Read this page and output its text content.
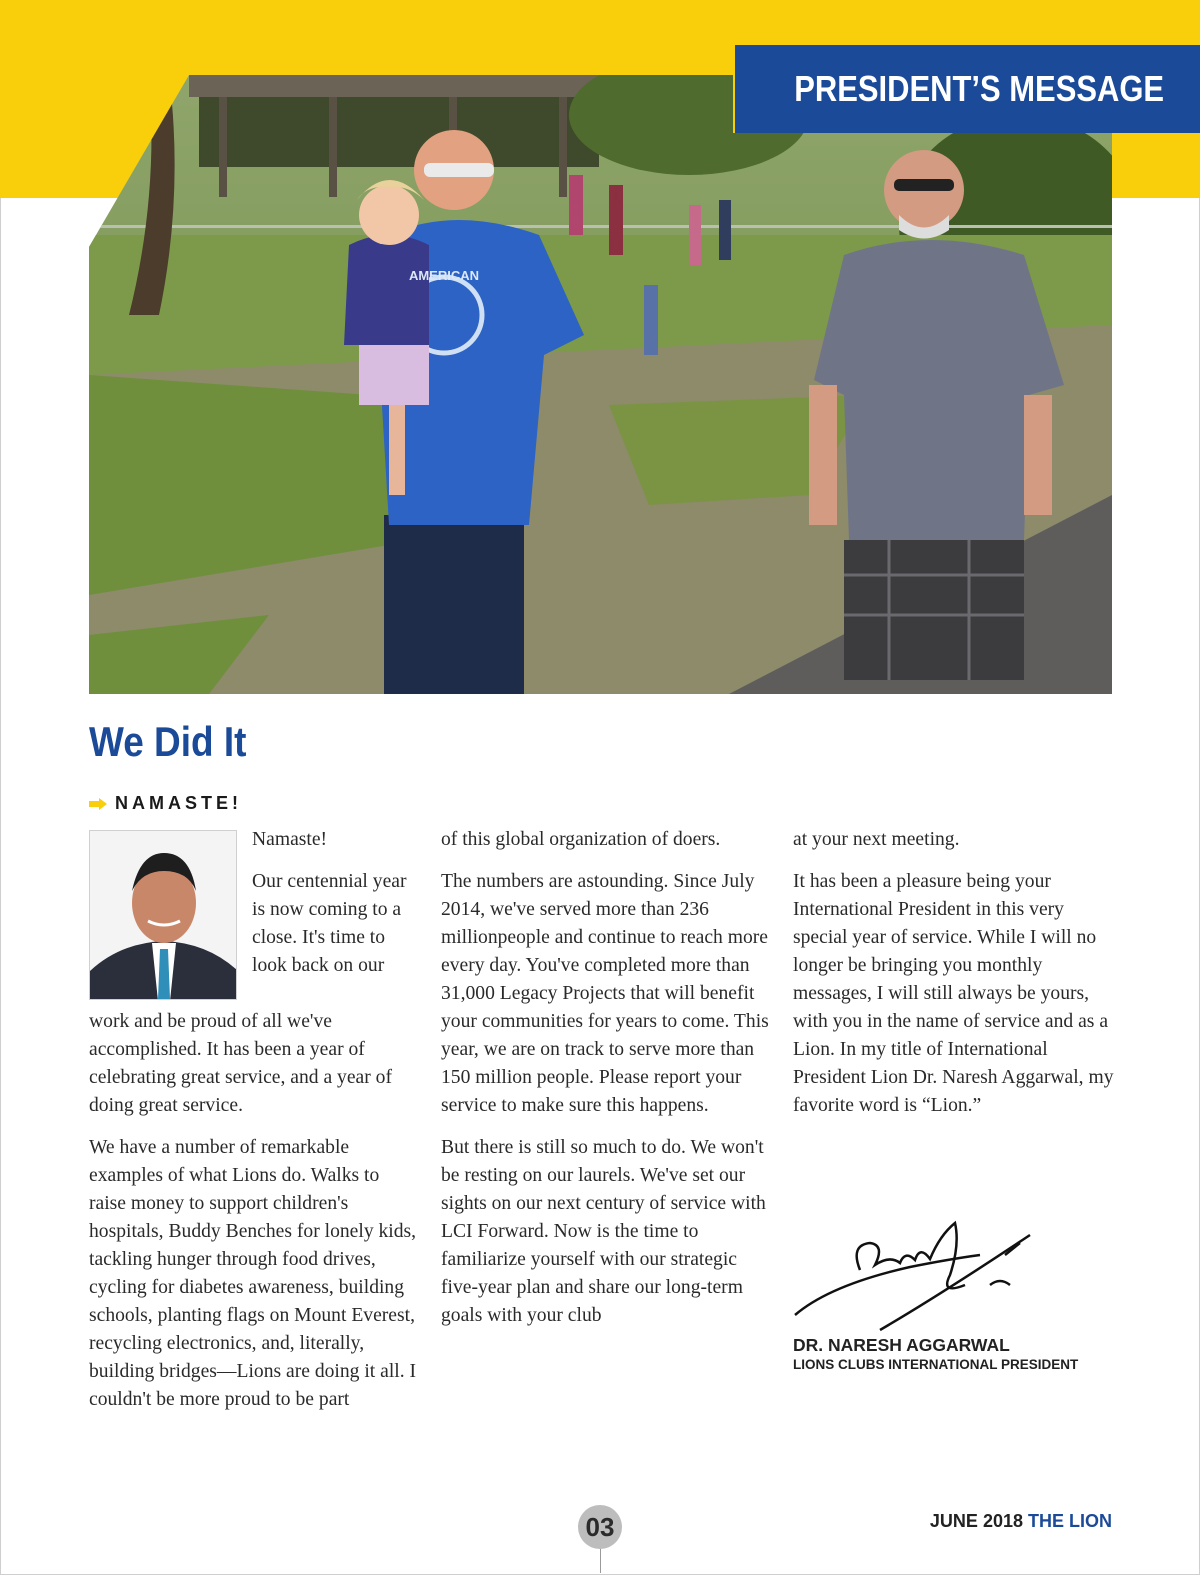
PRESIDENT’S MESSAGE
AMERICAN
We Did It
NAMASTE!

Namaste!

Our centennial year is now coming to a close. It's time to look back on our

work and be proud of all we've accomplished. It has been a year of celebrating great service, and a year of doing great service.

We have a number of remarkable examples of what Lions do. Walks to raise money to support children's hospitals, Buddy Benches for lonely kids, tackling hunger through food drives, cycling for diabetes awareness, building schools, planting flags on Mount Everest, recycling electronics, and, literally, building bridges—Lions are doing it all. I couldn't be more proud to be part

of this global organization of doers.

The numbers are astounding. Since July 2014, we've served more than 236 millionpeople and continue to reach more every day. You've completed more than 31,000 Legacy Projects that will benefit your communities for years to come. This year, we are on track to serve more than 150 million people. Please report your service to make sure this happens.

But there is still so much to do. We won't be resting on our laurels. We've set our sights on our next century of service with LCI Forward. Now is the time to familiarize yourself with our strategic five-year plan and share our long-term goals with your club

at your next meeting.

It has been a pleasure being your International President in this very special year of service. While I will no longer be bringing you monthly messages, I will still always be yours, with you in the name of service and as a Lion. In my title of International President Lion Dr. Naresh Aggarwal, my favorite word is “Lion.”

DR. NARESH AGGARWAL
LIONS CLUBS INTERNATIONAL PRESIDENT
03	JUNE 2018 THE LION
